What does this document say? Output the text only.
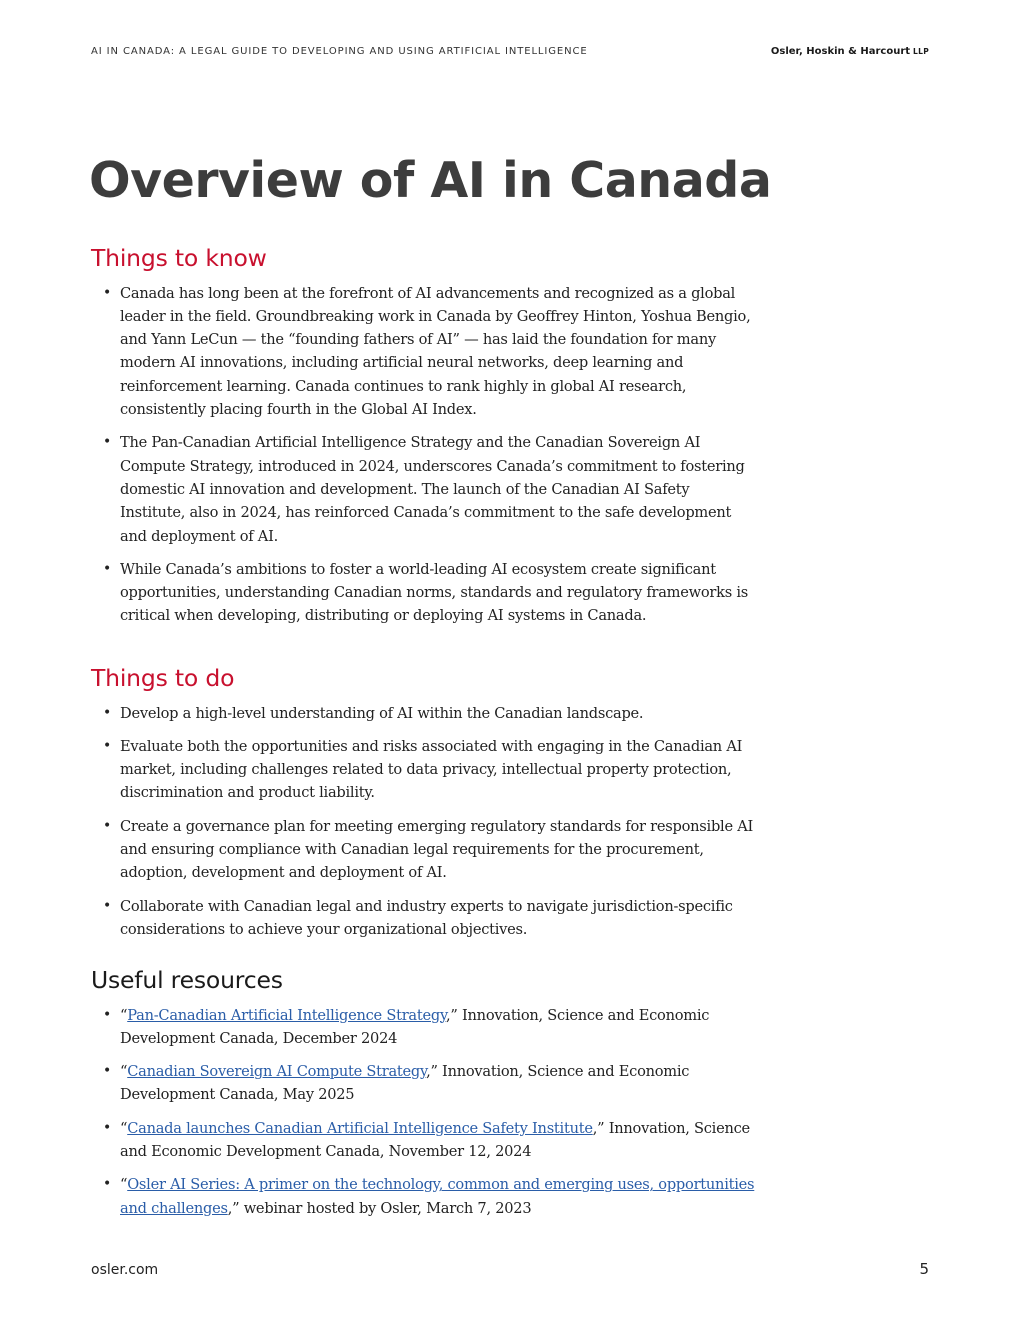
AI IN CANADA: A LEGAL GUIDE TO DEVELOPING AND USING ARTIFICIAL INTELLIGENCE	Osler, Hoskin & Harcourt LLP
Overview of AI in Canada
Things to know
• Canada has long been at the forefront of AI advancements and recognized as a global leader in the field. Groundbreaking work in Canada by Geoffrey Hinton, Yoshua Bengio, and Yann LeCun — the “founding fathers of AI” — has laid the foundation for many modern AI innovations, including artificial neural networks, deep learning and reinforcement learning. Canada continues to rank highly in global AI research, consistently placing fourth in the Global AI Index.
• The Pan-Canadian Artificial Intelligence Strategy and the Canadian Sovereign AI Compute Strategy, introduced in 2024, underscores Canada’s commitment to fostering domestic AI innovation and development. The launch of the Canadian AI Safety Institute, also in 2024, has reinforced Canada’s commitment to the safe development and deployment of AI.
• While Canada’s ambitions to foster a world-leading AI ecosystem create significant opportunities, understanding Canadian norms, standards and regulatory frameworks is critical when developing, distributing or deploying AI systems in Canada.
Things to do
• Develop a high-level understanding of AI within the Canadian landscape.
• Evaluate both the opportunities and risks associated with engaging in the Canadian AI market, including challenges related to data privacy, intellectual property protection, discrimination and product liability.
• Create a governance plan for meeting emerging regulatory standards for responsible AI and ensuring compliance with Canadian legal requirements for the procurement, adoption, development and deployment of AI.
• Collaborate with Canadian legal and industry experts to navigate jurisdiction-specific considerations to achieve your organizational objectives.
Useful resources
• “Pan-Canadian Artificial Intelligence Strategy,” Innovation, Science and Economic Development Canada, December 2024
• “Canadian Sovereign AI Compute Strategy,” Innovation, Science and Economic Development Canada, May 2025
• “Canada launches Canadian Artificial Intelligence Safety Institute,” Innovation, Science and Economic Development Canada, November 12, 2024
• “Osler AI Series: A primer on the technology, common and emerging uses, opportunities and challenges,” webinar hosted by Osler, March 7, 2023
osler.com	5
